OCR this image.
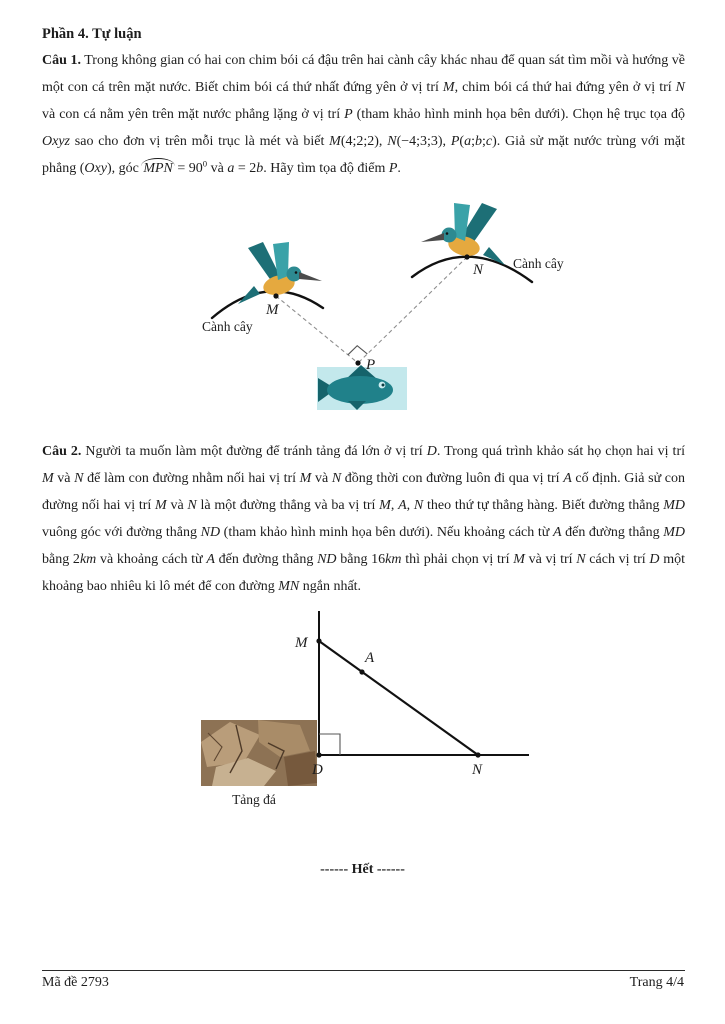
Phần 4. Tự luận
Câu 1. Trong không gian có hai con chim bói cá đậu trên hai cành cây khác nhau để quan sát tìm mồi và hướng về một con cá trên mặt nước. Biết chim bói cá thứ nhất đứng yên ở vị trí M, chim bói cá thứ hai đứng yên ở vị trí N và con cá nằm yên trên mặt nước phẳng lặng ở vị trí P (tham khảo hình minh họa bên dưới). Chọn hệ trục tọa độ Oxyz sao cho đơn vị trên mỗi trục là mét và biết M(4;2;2), N(−4;3;3), P(a;b;c). Giả sử mặt nước trùng với mặt phẳng (Oxy), góc MPN = $90^0$ và a = 2b. Hãy tìm tọa độ điểm P.
M
N
P
Cành cây
Cành cây
Câu 2. Người ta muốn làm một đường để tránh tảng đá lớn ở vị trí D. Trong quá trình khảo sát họ chọn hai vị trí M và N để làm con đường nhằm nối hai vị trí M và N đồng thời con đường luôn đi qua vị trí A cố định. Giả sử con đường nối hai vị trí M và N là một đường thẳng và ba vị trí M, A, N theo thứ tự thẳng hàng. Biết đường thẳng MD vuông góc với đường thẳng ND (tham khảo hình minh họa bên dưới). Nếu khoảng cách từ A đến đường thẳng MD bằng 2km và khoảng cách từ A đến đường thẳng ND bằng 16km thì phải chọn vị trí M và vị trí N cách vị trí D một khoảng bao nhiêu ki lô mét để con đường MN ngắn nhất.
M
A
N
D
Tảng đá
------ Hết ------
Mã đề 2793	Trang 4/4
